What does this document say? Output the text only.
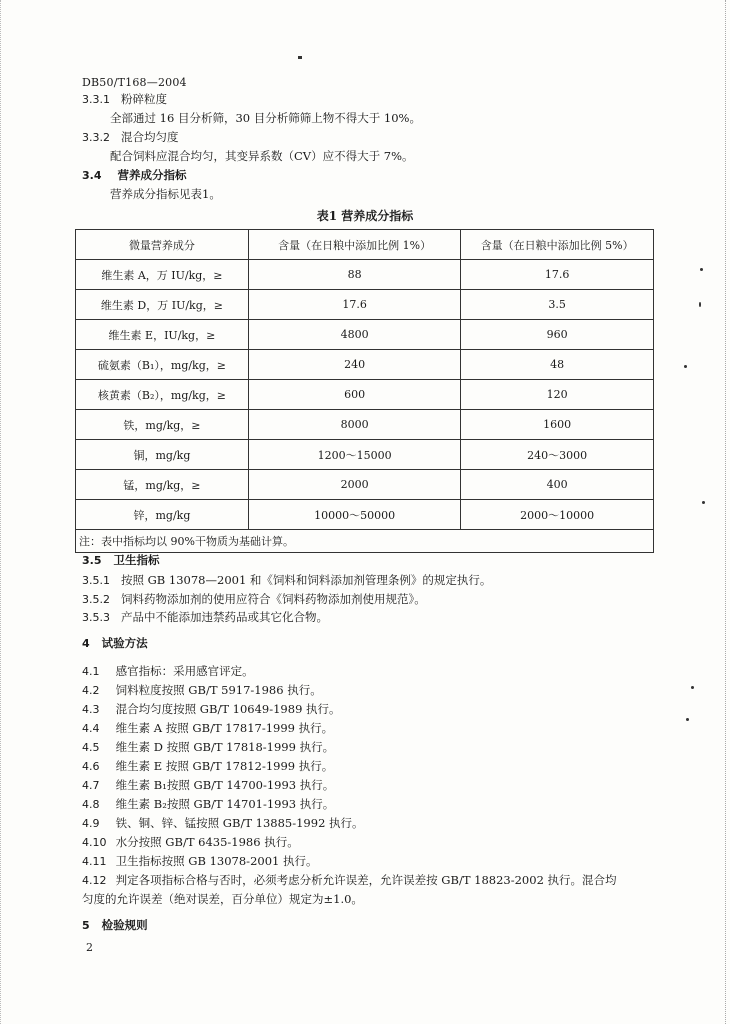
DB50/T168—2004
3.3.1 粉碎粒度
全部通过 16 目分析筛，30 目分析筛筛上物不得大于 10%。
3.3.2 混合均匀度
配合饲料应混合均匀，其变异系数（CV）应不得大于 7%。
3.4 营养成分指标
营养成分指标见表1。
表1 营养成分指标
微量营养成分	含量（在日粮中添加比例 1%）	含量（在日粮中添加比例 5%）
维生素 A，万 IU/kg，≥	88	17.6
维生素 D，万 IU/kg，≥	17.6	3.5
维生素 E，IU/kg，≥	4800	960
硫氨素（B₁），mg/kg，≥	240	48
核黄素（B₂），mg/kg，≥	600	120
铁，mg/kg，≥	8000	1600
铜，mg/kg	1200～15000	240～3000
锰，mg/kg，≥	2000	400
锌，mg/kg	10000～50000	2000～10000
注：表中指标均以 90%干物质为基础计算。		
3.5 卫生指标
3.5.1 按照 GB 13078—2001 和《饲料和饲料添加剂管理条例》的规定执行。
3.5.2 饲料药物添加剂的使用应符合《饲料药物添加剂使用规范》。
3.5.3 产品中不能添加违禁药品或其它化合物。
4 试验方法
4.1 感官指标：采用感官评定。
4.2 饲料粒度按照 GB/T 5917-1986 执行。
4.3 混合均匀度按照 GB/T 10649-1989 执行。
4.4 维生素 A 按照 GB/T 17817-1999 执行。
4.5 维生素 D 按照 GB/T 17818-1999 执行。
4.6 维生素 E 按照 GB/T 17812-1999 执行。
4.7 维生素 B₁按照 GB/T 14700-1993 执行。
4.8 维生素 B₂按照 GB/T 14701-1993 执行。
4.9 铁、铜、锌、锰按照 GB/T 13885-1992 执行。
4.10 水分按照 GB/T 6435-1986 执行。
4.11 卫生指标按照 GB 13078-2001 执行。
4.12 判定各项指标合格与否时，必须考虑分析允许误差，允许误差按 GB/T 18823-2002 执行。混合均
匀度的允许误差（绝对误差，百分单位）规定为±1.0。
5 检验规则
2
